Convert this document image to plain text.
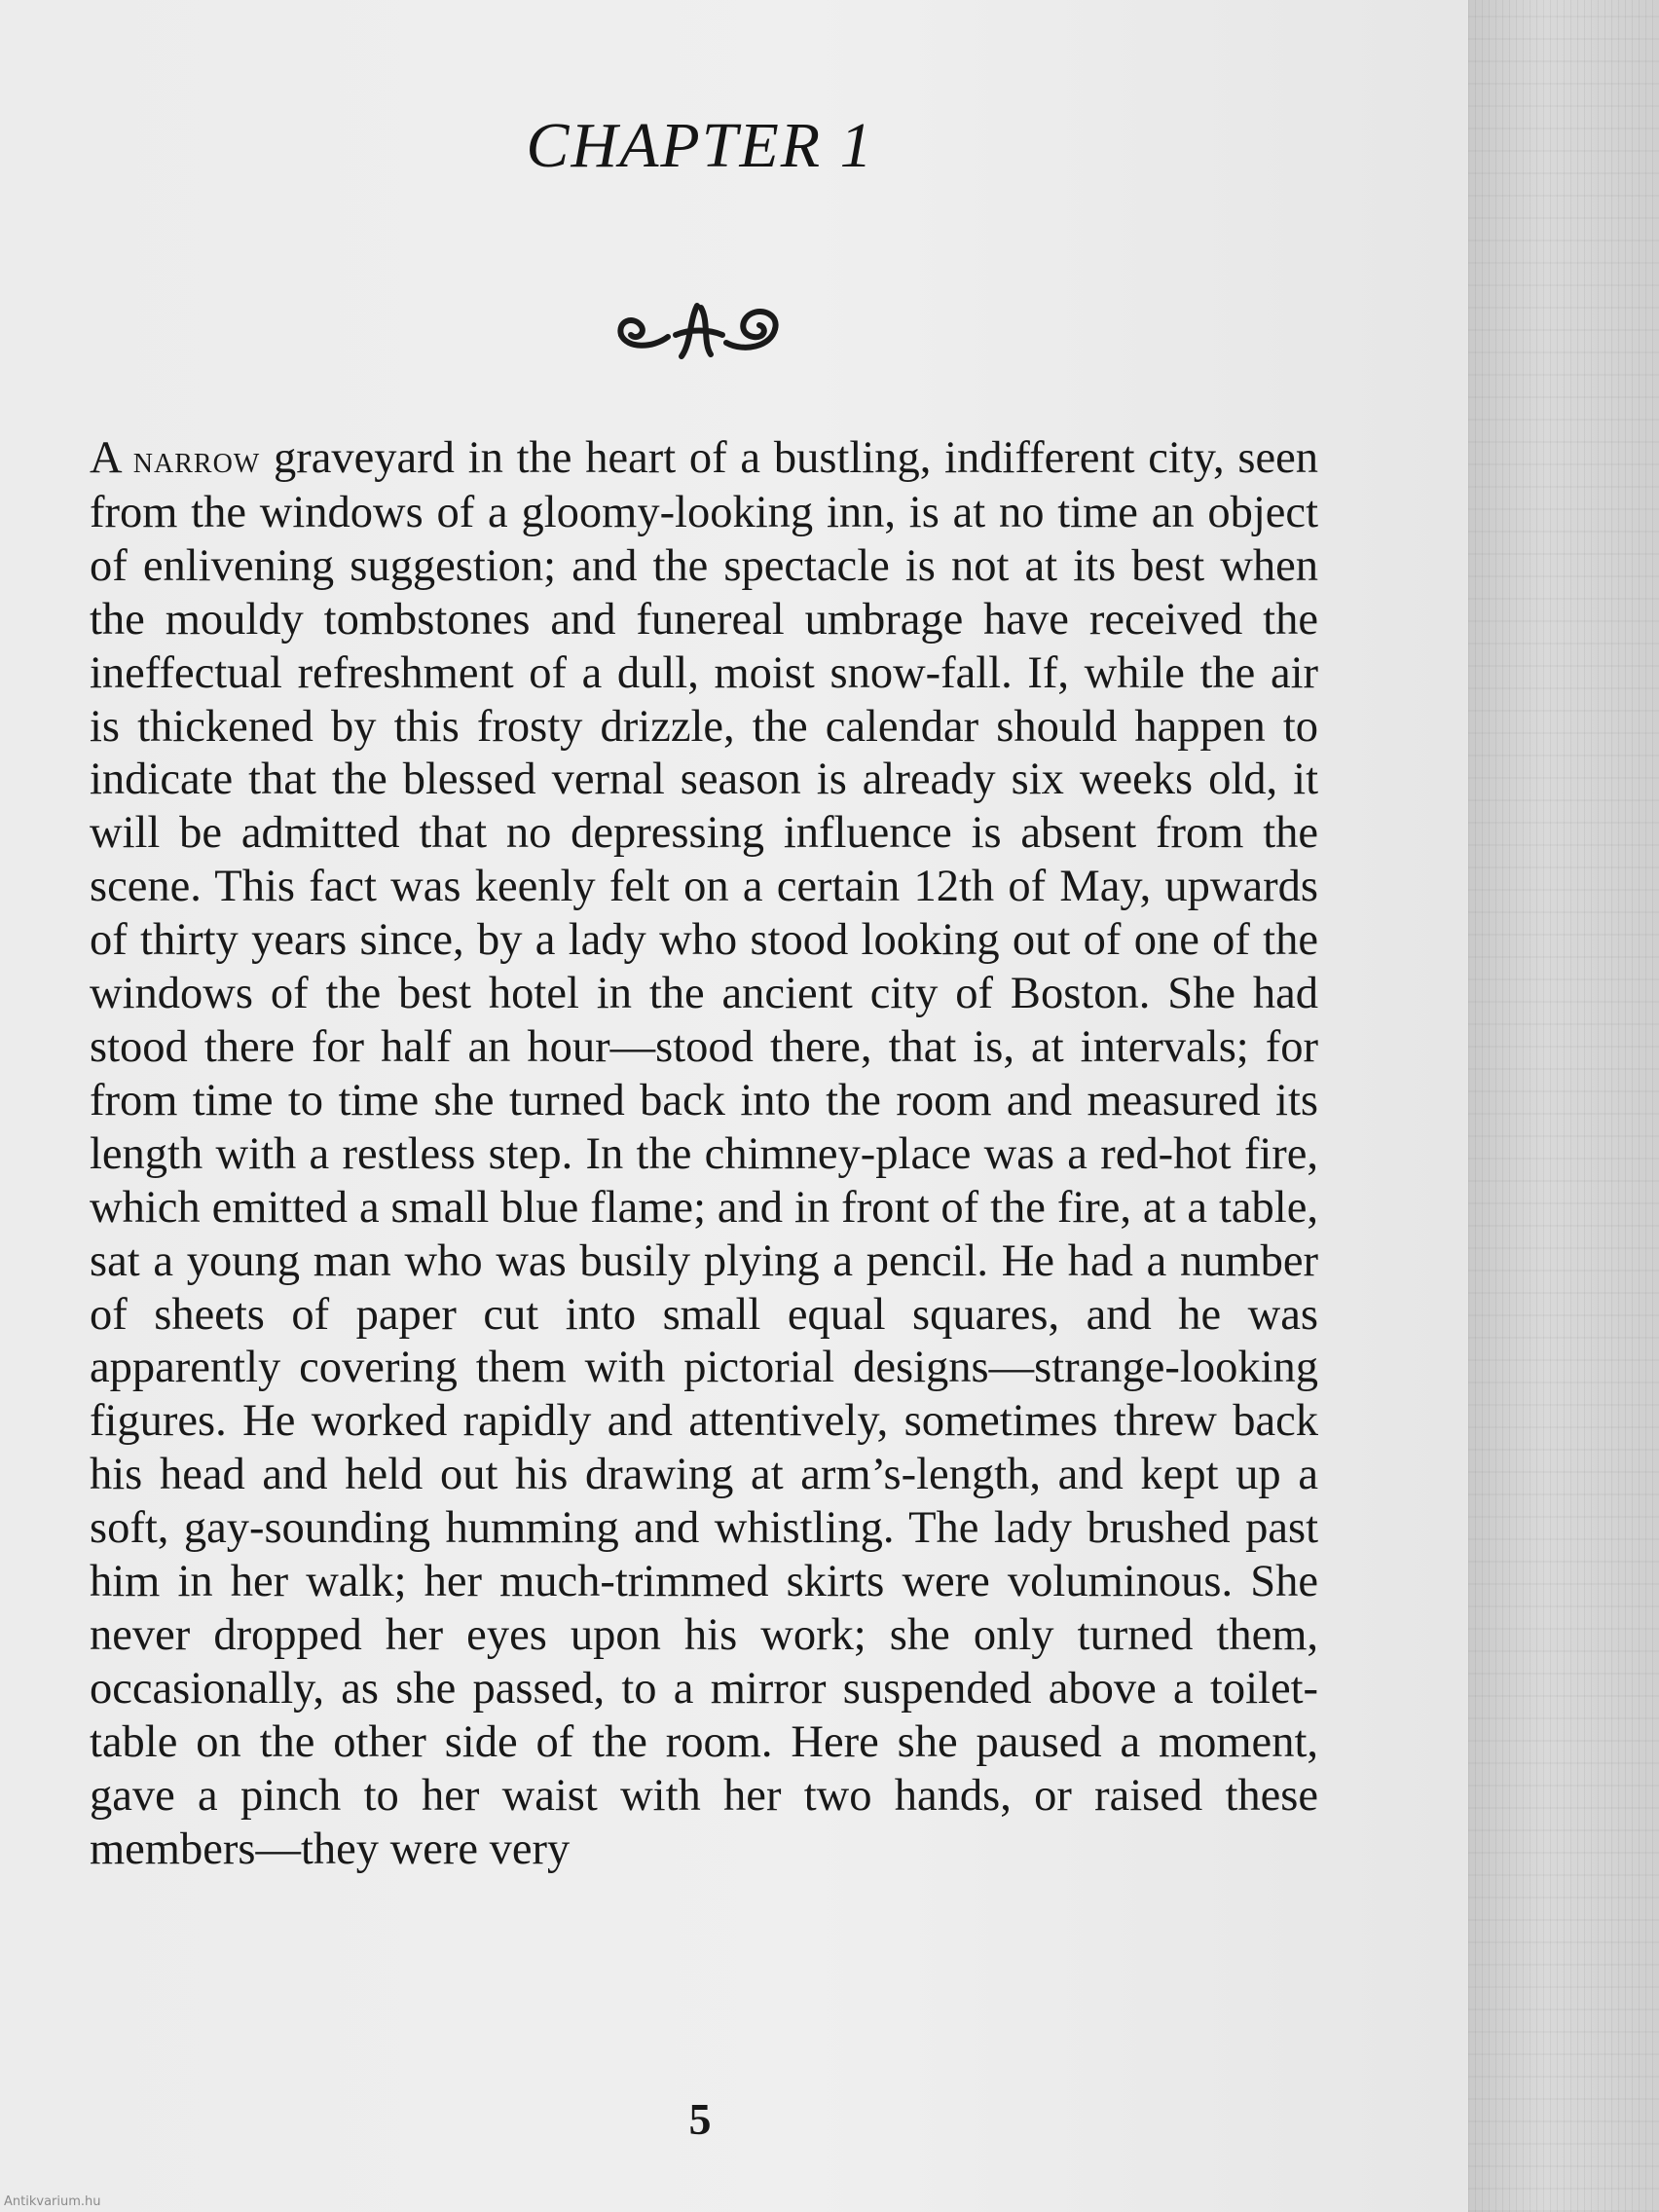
CHAPTER 1

A narrow graveyard in the heart of a bustling, indifferent city, seen from the windows of a gloomy-looking inn, is at no time an object of enlivening suggestion; and the spectacle is not at its best when the mouldy tombstones and funereal umbrage have received the ineffectual refreshment of a dull, moist snow-fall. If, while the air is thickened by this frosty drizzle, the calendar should happen to indicate that the blessed vernal season is already six weeks old, it will be admitted that no depressing influence is absent from the scene. This fact was keenly felt on a certain 12th of May, upwards of thirty years since, by a lady who stood looking out of one of the windows of the best hotel in the ancient city of Boston. She had stood there for half an hour—stood there, that is, at intervals; for from time to time she turned back into the room and measured its length with a restless step. In the chimney-place was a red-hot fire, which emitted a small blue flame; and in front of the fire, at a table, sat a young man who was busily plying a pencil. He had a number of sheets of paper cut into small equal squares, and he was apparently covering them with pictorial designs—strange-looking figures. He worked rapidly and attentively, sometimes threw back his head and held out his drawing at arm’s-length, and kept up a soft, gay-sounding humming and whistling. The lady brushed past him in her walk; her much-trimmed skirts were voluminous. She never dropped her eyes upon his work; she only turned them, occasionally, as she passed, to a mirror suspended above a toilet-table on the other side of the room. Here she paused a moment, gave a pinch to her waist with her two hands, or raised these members—they were very

5
Antikvarium.hu
